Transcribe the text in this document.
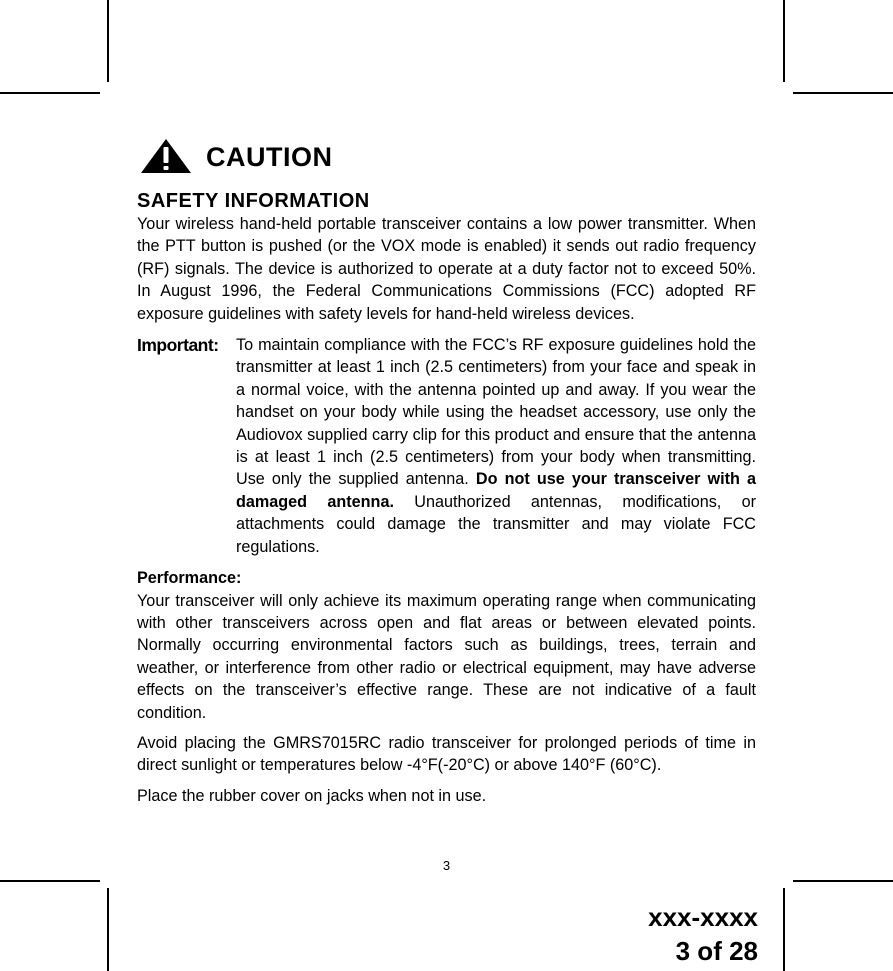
CAUTION
SAFETY INFORMATION

Your wireless hand-held portable transceiver contains a low power transmitter. When the PTT button is pushed (or the VOX mode is enabled) it sends out radio frequency (RF) signals. The device is authorized to operate at a duty factor not to exceed 50%. In August 1996, the Federal Communications Commissions (FCC) adopted RF exposure guidelines with safety levels for hand-held wireless devices.

Important: To maintain compliance with the FCC’s RF exposure guidelines hold the transmitter at least 1 inch (2.5 centimeters) from your face and speak in a normal voice, with the antenna pointed up and away. If you wear the handset on your body while using the headset accessory, use only the Audiovox supplied carry clip for this product and ensure that the antenna is at least 1 inch (2.5 centimeters) from your body when transmitting. Use only the supplied antenna. Do not use your transceiver with a damaged antenna. Unauthorized antennas, modifications, or attachments could damage the transmitter and may violate FCC regulations.

Performance:

Your transceiver will only achieve its maximum operating range when communicating with other transceivers across open and flat areas or between elevated points. Normally occurring environmental factors such as buildings, trees, terrain and weather, or interference from other radio or electrical equipment, may have adverse effects on the transceiver’s effective range. These are not indicative of a fault condition.

Avoid placing the GMRS7015RC radio transceiver for prolonged periods of time in direct sunlight or temperatures below -4°F(-20°C) or above 140°F (60°C).

Place the rubber cover on jacks when not in use.

3
xxx-xxxx
3 of 28
